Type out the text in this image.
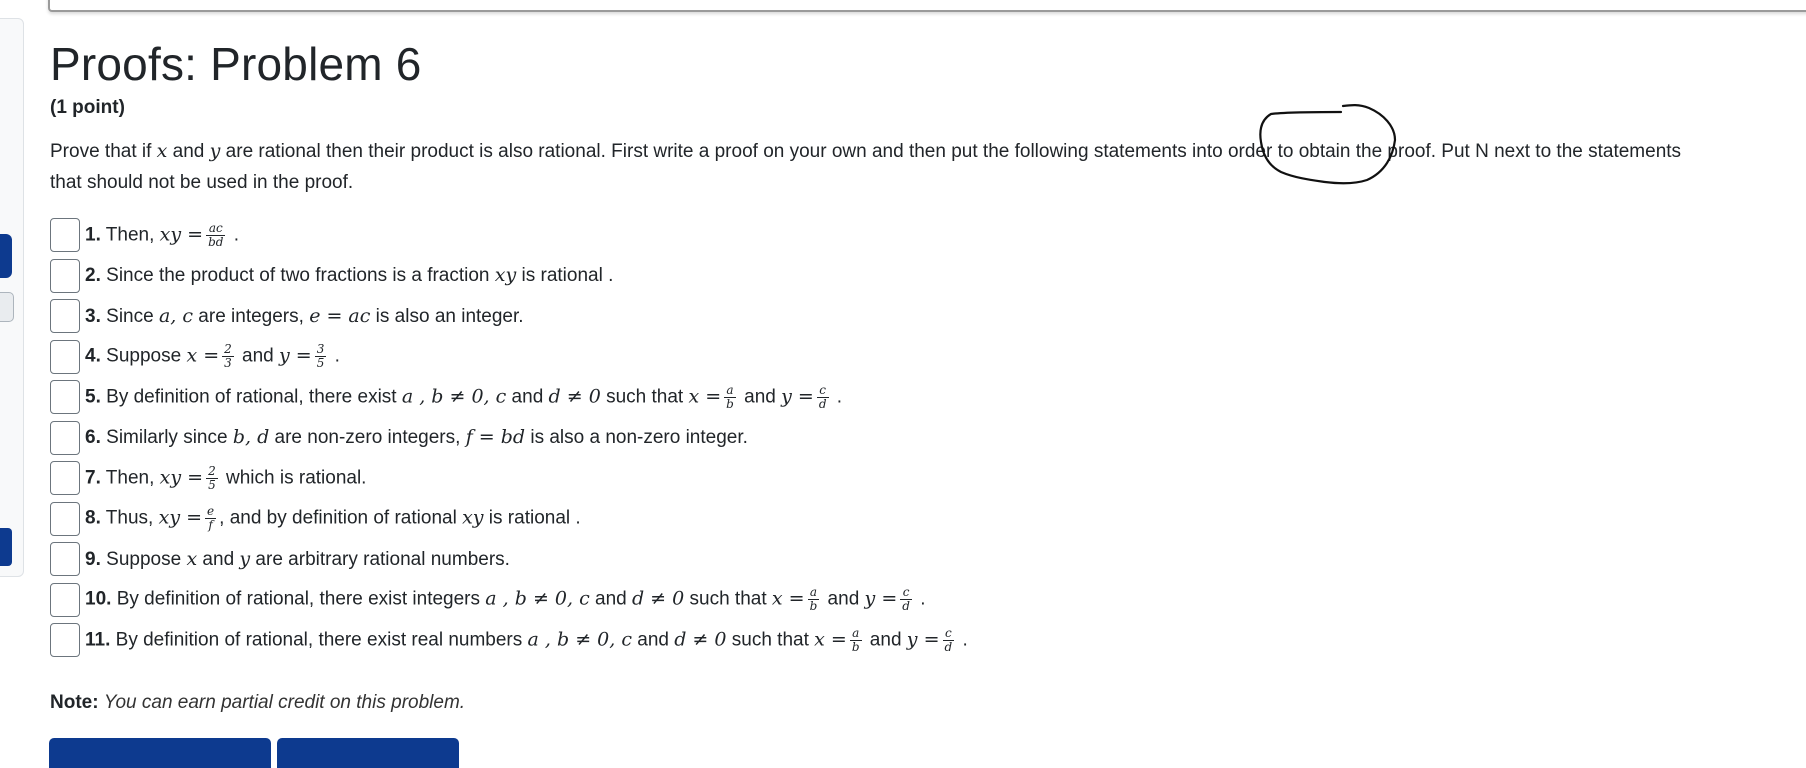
Proofs: Problem 6
(1 point)
Prove that if x and y are rational then their product is also rational. First write a proof on your own and then put the following statements into order to obtain the proof. Put N next to the statements that should not be used in the proof.
1. Then, xy = $\frac{ac}{bd}$ .
2. Since the product of two fractions is a fraction xy is rational .
3. Since a, c are integers, e = ac is also an integer.
4. Suppose $x = \frac{2}{3}$ and $y = \frac{3}{5}$ .
5. By definition of rational, there exist a , b ≠ 0, c and d ≠ 0 such that $x = \frac{a}{b}$ and $y = \frac{c}{d}$ .
6. Similarly since b, d are non-zero integers, f = bd is also a non-zero integer.
7. Then, xy = $\frac{2}{5}$ which is rational.
8. Thus, xy = $\frac{e}{f}$ , and by definition of rational xy is rational .
9. Suppose x and y are arbitrary rational numbers.
10. By definition of rational, there exist integers a , b ≠ 0, c and d ≠ 0 such that $x = \frac{a}{b}$ and $y = \frac{c}{d}$ .
11. By definition of rational, there exist real numbers a , b ≠ 0, c and d ≠ 0 such that $x = \frac{a}{b}$ and $y = \frac{c}{d}$ .
Note: You can earn partial credit on this problem.
